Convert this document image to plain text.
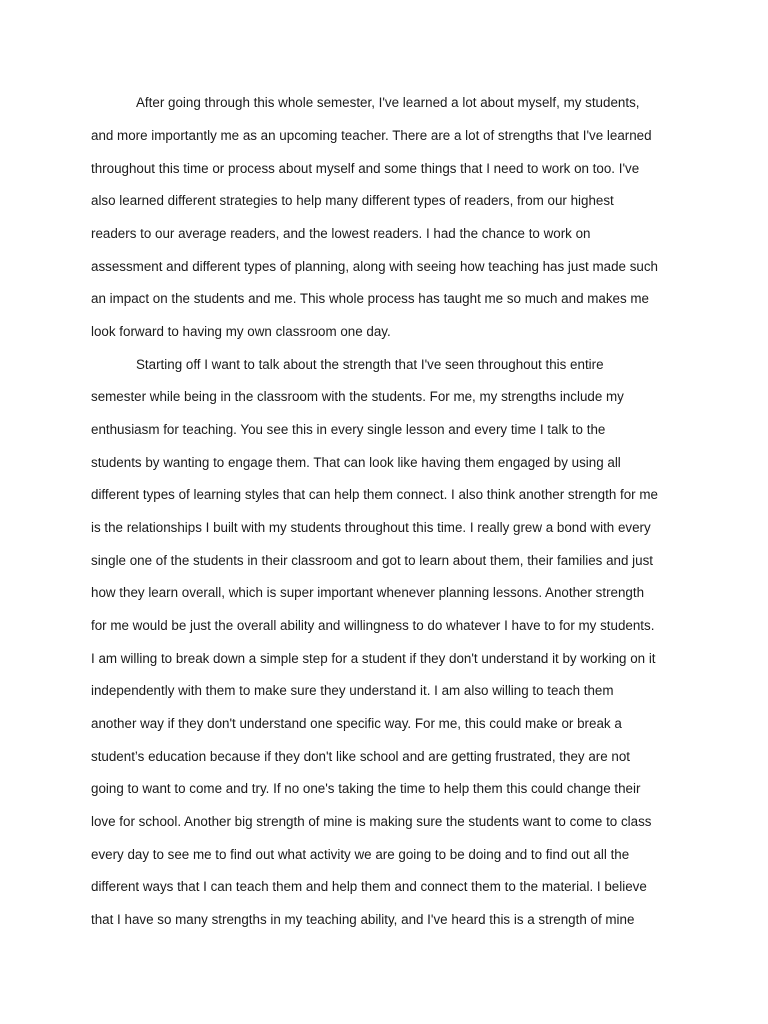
After going through this whole semester, I've learned a lot about myself, my students,

and more importantly me as an upcoming teacher. There are a lot of strengths that I've learned

throughout this time or process about myself and some things that I need to work on too. I've

also learned different strategies to help many different types of readers, from our highest

readers to our average readers, and the lowest readers. I had the chance to work on

assessment and different types of planning, along with seeing how teaching has just made such

an impact on the students and me. This whole process has taught me so much and makes me

look forward to having my own classroom one day.

Starting off I want to talk about the strength that I've seen throughout this entire

semester while being in the classroom with the students. For me, my strengths include my

enthusiasm for teaching. You see this in every single lesson and every time I talk to the

students by wanting to engage them. That can look like having them engaged by using all

different types of learning styles that can help them connect. I also think another strength for me

is the relationships I built with my students throughout this time. I really grew a bond with every

single one of the students in their classroom and got to learn about them, their families and just

how they learn overall, which is super important whenever planning lessons. Another strength

for me would be just the overall ability and willingness to do whatever I have to for my students.

I am willing to break down a simple step for a student if they don't understand it by working on it

independently with them to make sure they understand it. I am also willing to teach them

another way if they don't understand one specific way. For me, this could make or break a

student’s education because if they don't like school and are getting frustrated, they are not

going to want to come and try. If no one's taking the time to help them this could change their

love for school. Another big strength of mine is making sure the students want to come to class

every day to see me to find out what activity we are going to be doing and to find out all the

different ways that I can teach them and help them and connect them to the material. I believe

that I have so many strengths in my teaching ability, and I've heard this is a strength of mine
